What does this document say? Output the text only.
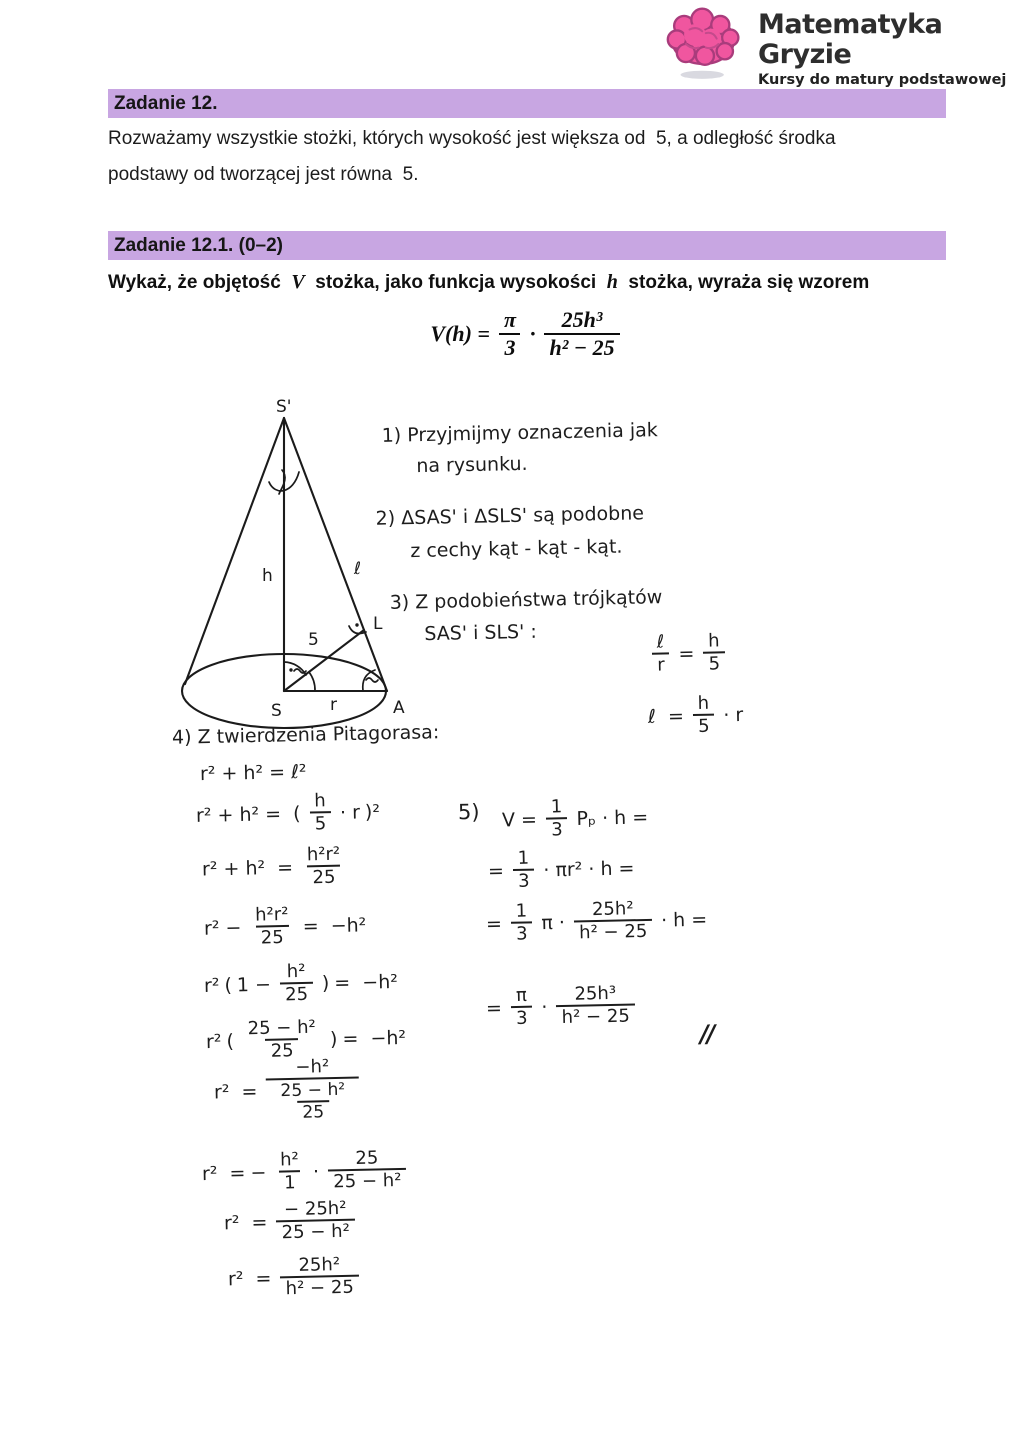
Matematyka Gryzie
Kursy do matury podstawowej
Zadanie 12.
Rozważamy wszystkie stożki, których wysokość jest większa od  5, a odległość środka
podstawy od tworzącej jest równa  5.
Zadanie 12.1. (0–2)
Wykaż, że objętość  V  stożka, jako funkcja wysokości  h  stożka, wyraża się wzorem
$V(h) = \frac{\pi}{3} \cdot \frac{\text{25h³}}{\text{h² − 25}}$
S'
h	ℓ
L
5
S	r	A
1) Przyjmijmy oznaczenia jak
na rysunku.
2) ΔSAS' i ΔSLS' są podobne
z cechy kąt - kąt - kąt.
3) Z podobieństwa trójkątów
SAS' i SLS' :	$\frac{\text{ℓ}}{r} = \frac{h}{5}$
ℓ  = $\frac{h}{5} \cdot r$
4) Z twierdzenia Pitagorasa:
r² + h² = ℓ²
r² + h² =  ( $\frac{h}{5} \cdot r$ )²
$r^2 + h^2 = \frac{\text{h²r²}}{25}$
$r^2 - \frac{\text{h²r²}}{25} = -h^2$
r² ( $1 - \frac{\text{h²}}{25}$ ) =  −h²
r² ( $\frac{\text{25 − h²}}{25}$ ) =  −h²
$r^2 = \frac{\text{−h²}}{\frac{\text{25 − h²}}{25}}$
r²  = − $\frac{\text{h²}}{1} \cdot \frac{25}{\text{25 − h²}}$
$r^2 = \frac{\text{− 25h²}}{\text{25 − h²}}$
$r^2 = \frac{\text{25h²}}{\text{h² − 25}}$
5) $V = \frac{1}{3}$ Pₚ · h =
= $\frac{1}{3} \cdot \pi r^2 \cdot h$ =
= $\frac{1}{3}$ $\pi \cdot \frac{\text{25h²}}{\text{h² − 25}} \cdot h$ =
= $\frac{\pi}{3} \cdot \frac{\text{25h³}}{\text{h² − 25}}$
//
